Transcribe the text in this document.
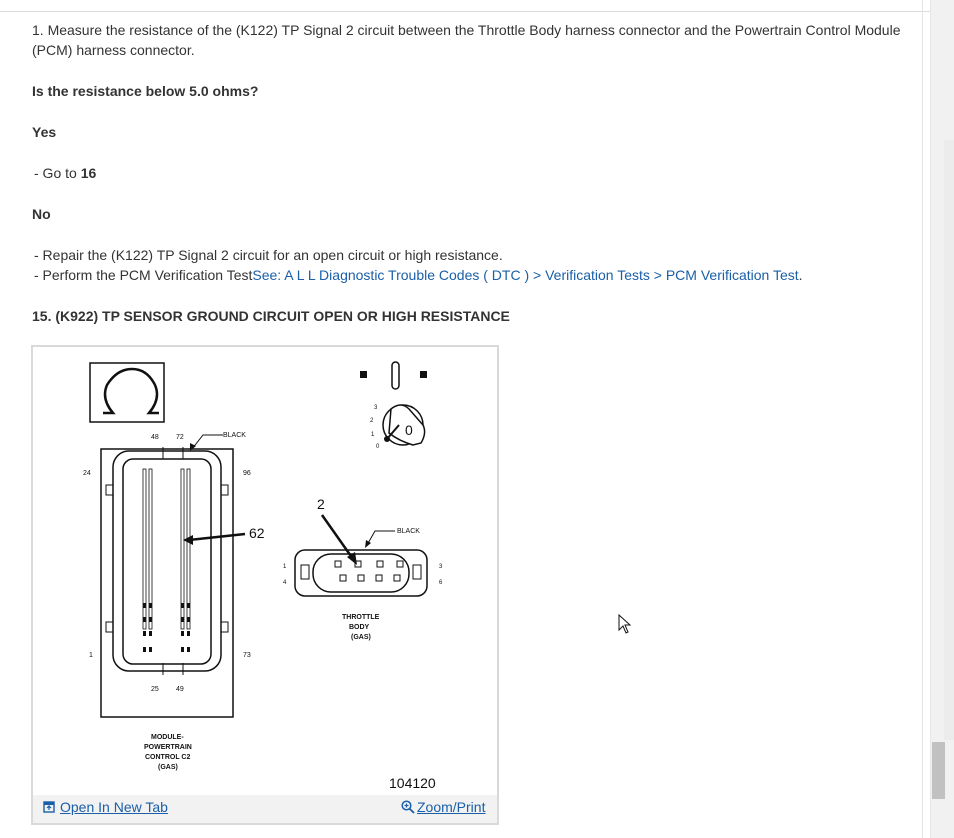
1. Measure the resistance of the (K122) TP Signal 2 circuit between the Throttle Body harness connector and the Powertrain Control Module (PCM) harness connector.

Is the resistance below 5.0 ohms?

Yes

- Go to 16

No

- Repair the (K122) TP Signal 2 circuit for an open circuit or high resistance.

- Perform the PCM Verification TestSee: A L L Diagnostic Trouble Codes ( DTC ) > Verification Tests > PCM Verification Test.

15. (K922) TP SENSOR GROUND CIRCUIT OPEN OR HIGH RESISTANCE

3
2
1
0
0
48 72
24	96
1	73
25 49
BLACK
62
MODULE-
POWERTRAIN
CONTROL C2
(GAS)
1
4
3
6
BLACK
2
THROTTLE
BODY
(GAS)
104120
Open In New Tab	Zoom/Print
